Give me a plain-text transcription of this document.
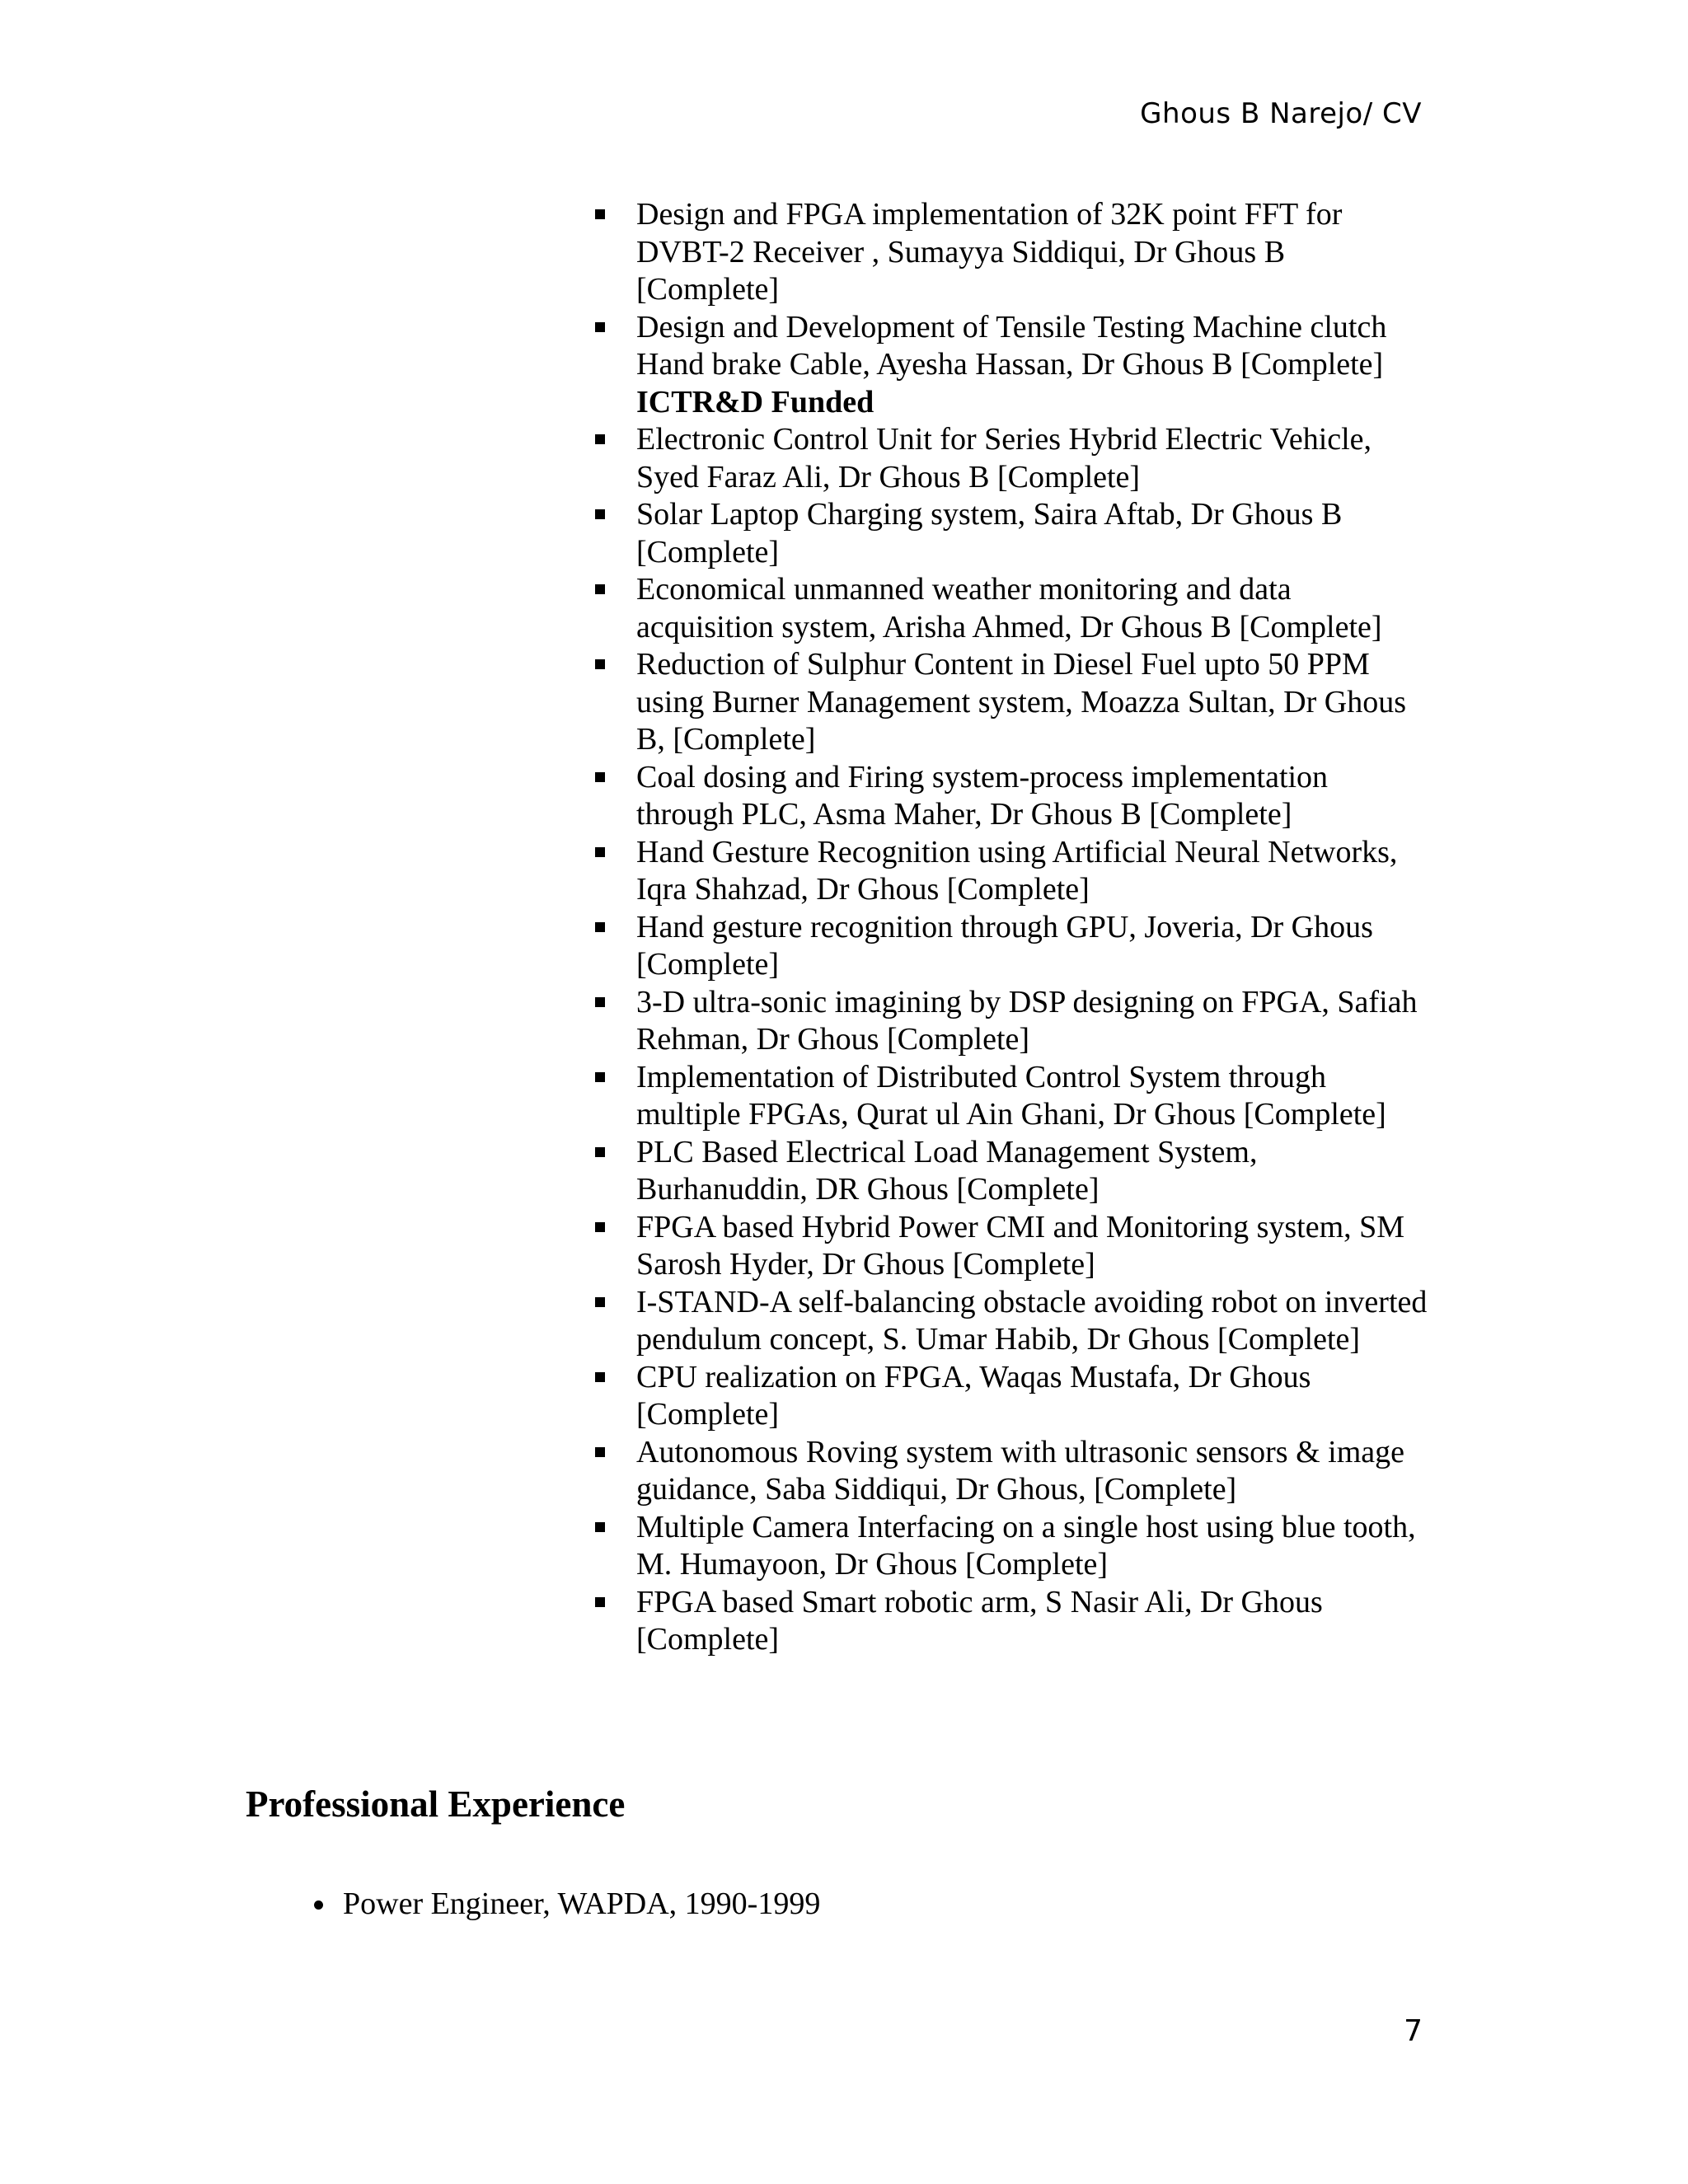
Ghous B Narejo/ CV
Design and FPGA implementation of 32K point FFT for DVBT-2 Receiver , Sumayya Siddiqui, Dr Ghous B [Complete]
Design and Development of Tensile Testing Machine clutch Hand brake Cable, Ayesha Hassan, Dr Ghous B [Complete]  ICTR&D Funded
Electronic Control Unit for Series Hybrid Electric Vehicle, Syed Faraz Ali, Dr Ghous B [Complete]
Solar Laptop Charging system, Saira Aftab, Dr Ghous B [Complete]
Economical unmanned weather monitoring and data acquisition system, Arisha Ahmed, Dr Ghous B [Complete]
Reduction of Sulphur Content in Diesel Fuel upto 50 PPM using Burner Management system, Moazza Sultan, Dr Ghous B, [Complete]
Coal dosing and Firing system-process implementation through PLC, Asma Maher, Dr Ghous B [Complete]
Hand Gesture Recognition using Artificial Neural Networks, Iqra Shahzad, Dr Ghous [Complete]
Hand gesture recognition through GPU, Joveria, Dr Ghous [Complete]
3-D ultra-sonic imagining by DSP designing on FPGA, Safiah Rehman, Dr Ghous [Complete]
Implementation of Distributed Control System through multiple FPGAs, Qurat ul Ain Ghani, Dr Ghous [Complete]
PLC Based Electrical Load Management System, Burhanuddin, DR Ghous [Complete]
FPGA based Hybrid Power CMI and Monitoring system, SM Sarosh Hyder, Dr Ghous [Complete]
I-STAND-A self-balancing obstacle avoiding robot on inverted pendulum concept, S. Umar Habib, Dr Ghous [Complete]
CPU realization on FPGA, Waqas Mustafa, Dr Ghous [Complete]
Autonomous Roving system with ultrasonic sensors & image guidance, Saba Siddiqui, Dr Ghous, [Complete]
Multiple Camera Interfacing on a single host using blue tooth, M. Humayoon, Dr Ghous [Complete]
FPGA based Smart robotic arm, S Nasir Ali, Dr Ghous [Complete]
Professional Experience
Power Engineer, WAPDA, 1990-1999
7
